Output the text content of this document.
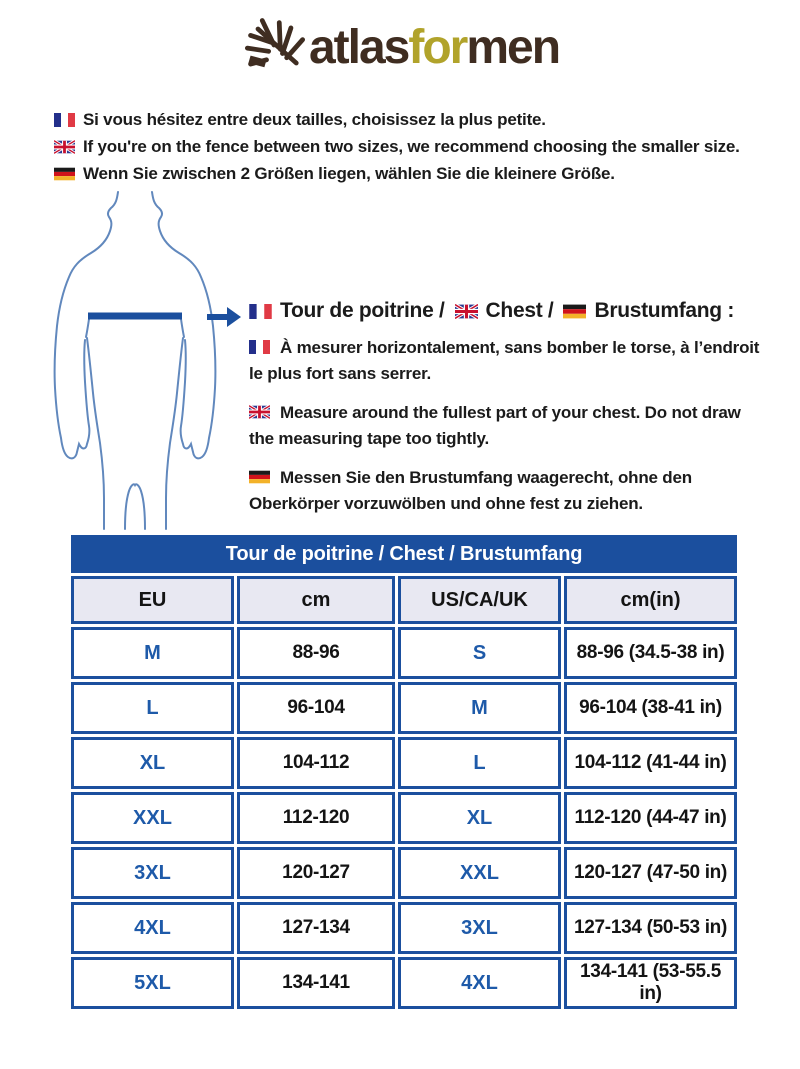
atlasformen
Si vous hésitez entre deux tailles, choisissez la plus petite.
If you're on the fence between two sizes, we recommend choosing the smaller size.
Wenn Sie zwischen 2 Größen liegen, wählen Sie die kleinere Größe.
Tour de poitrine / Chest / Brustumfang :

À mesurer horizontalement, sans bomber le torse, à l’endroit le plus fort sans serrer.

Measure around the fullest part of your chest. Do not draw the measuring tape too tightly.

Messen Sie den Brustumfang waagerecht, ohne den Oberkörper vorzuwölben und ohne fest zu ziehen.

Tour de poitrine / Chest / Brustumfang			
EU	cm	US/CA/UK	cm(in)
M	88-96	S	88-96 (34.5-38 in)
L	96-104	M	96-104 (38-41 in)
XL	104-112	L	104-112 (41-44 in)
XXL	112-120	XL	112-120 (44-47 in)
3XL	120-127	XXL	120-127 (47-50 in)
4XL	127-134	3XL	127-134 (50-53 in)
5XL	134-141	4XL	134-141 (53-55.5 in)
